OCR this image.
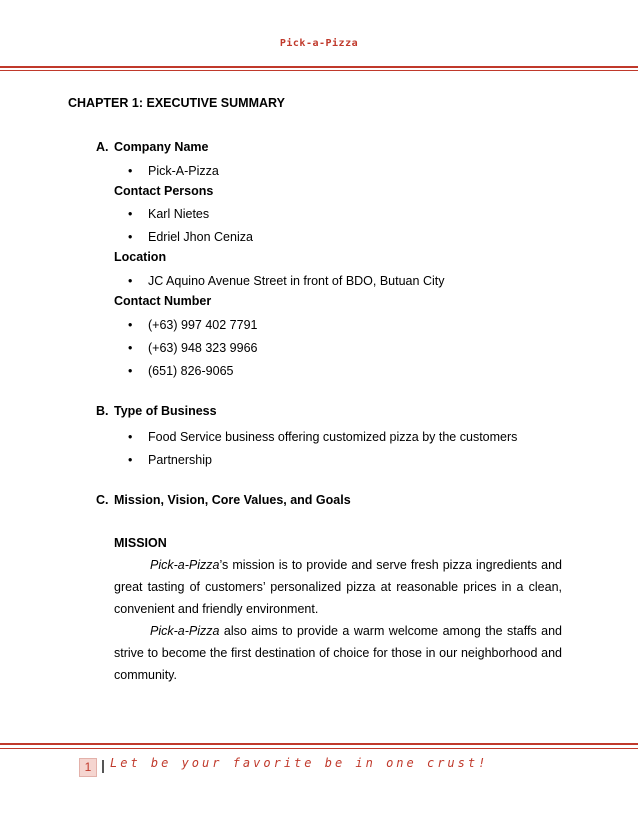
Pick-a-Pizza
CHAPTER 1: EXECUTIVE SUMMARY
A. Company Name
Pick-A-Pizza
Contact Persons
Karl Nietes
Edriel Jhon Ceniza
Location
JC Aquino Avenue Street in front of BDO, Butuan City
Contact Number
(+63) 997 402 7791
(+63) 948 323 9966
(651) 826-9065
B. Type of Business
Food Service business offering customized pizza by the customers
Partnership
C. Mission, Vision, Core Values, and Goals
MISSION
Pick-a-Pizza’s mission is to provide and serve fresh pizza ingredients and great tasting of customers’ personalized pizza at reasonable prices in a clean, convenient and friendly environment.
Pick-a-Pizza also aims to provide a warm welcome among the staffs and strive to become the first destination of choice for those in our neighborhood and community.
1	Let be your favorite be in one crust!
